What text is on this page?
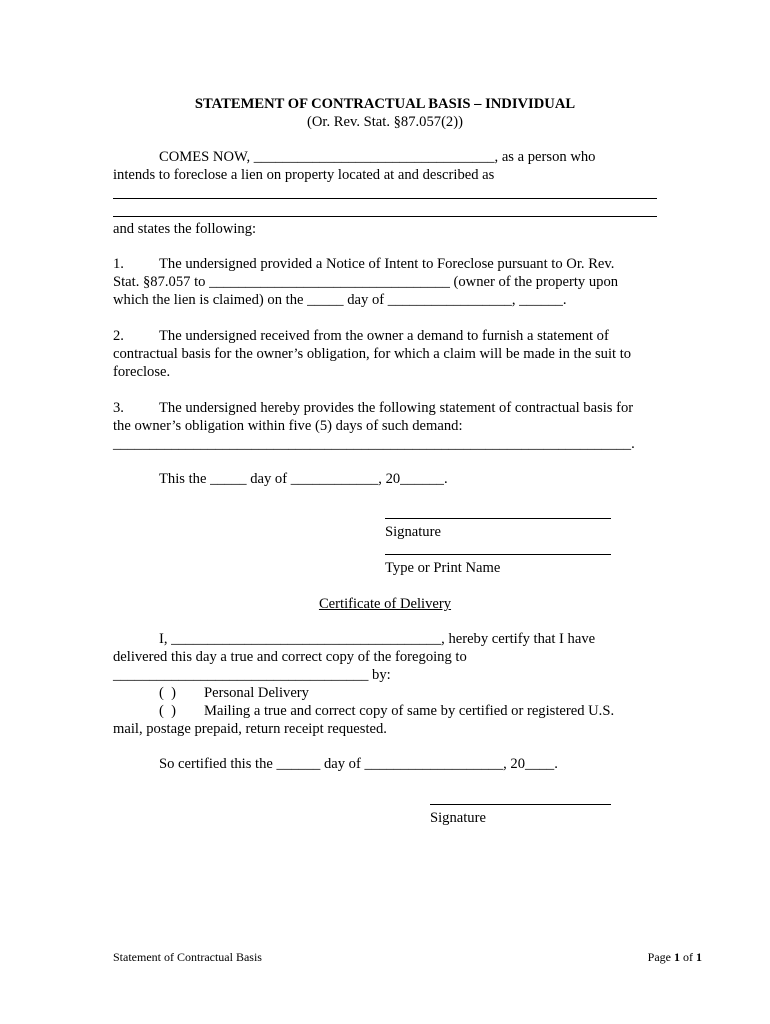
STATEMENT OF CONTRACTUAL BASIS – INDIVIDUAL
(Or. Rev. Stat. §87.057(2))
COMES NOW, _________________________________, as a person who
intends to foreclose a lien on property located at and described as
and states the following:
1. The undersigned provided a Notice of Intent to Foreclose pursuant to Or. Rev.
Stat. §87.057 to _________________________________ (owner of the property upon
which the lien is claimed) on the _____ day of _________________, ______.
2. The undersigned received from the owner a demand to furnish a statement of
contractual basis for the owner’s obligation, for which a claim will be made in the suit to
foreclose.
3. The undersigned hereby provides the following statement of contractual basis for
the owner’s obligation within five (5) days of such demand:
_______________________________________________________________________.
This the _____ day of ____________, 20______.
Signature
Type or Print Name
Certificate of Delivery
I, _____________________________________, hereby certify that I have
delivered this day a true and correct copy of the foregoing to
___________________________________ by:
(  ) Personal Delivery
(  ) Mailing a true and correct copy of same by certified or registered U.S.
mail, postage prepaid, return receipt requested.
So certified this the ______ day of ___________________, 20____.
Signature
Statement of Contractual Basis	Page 1 of 1
